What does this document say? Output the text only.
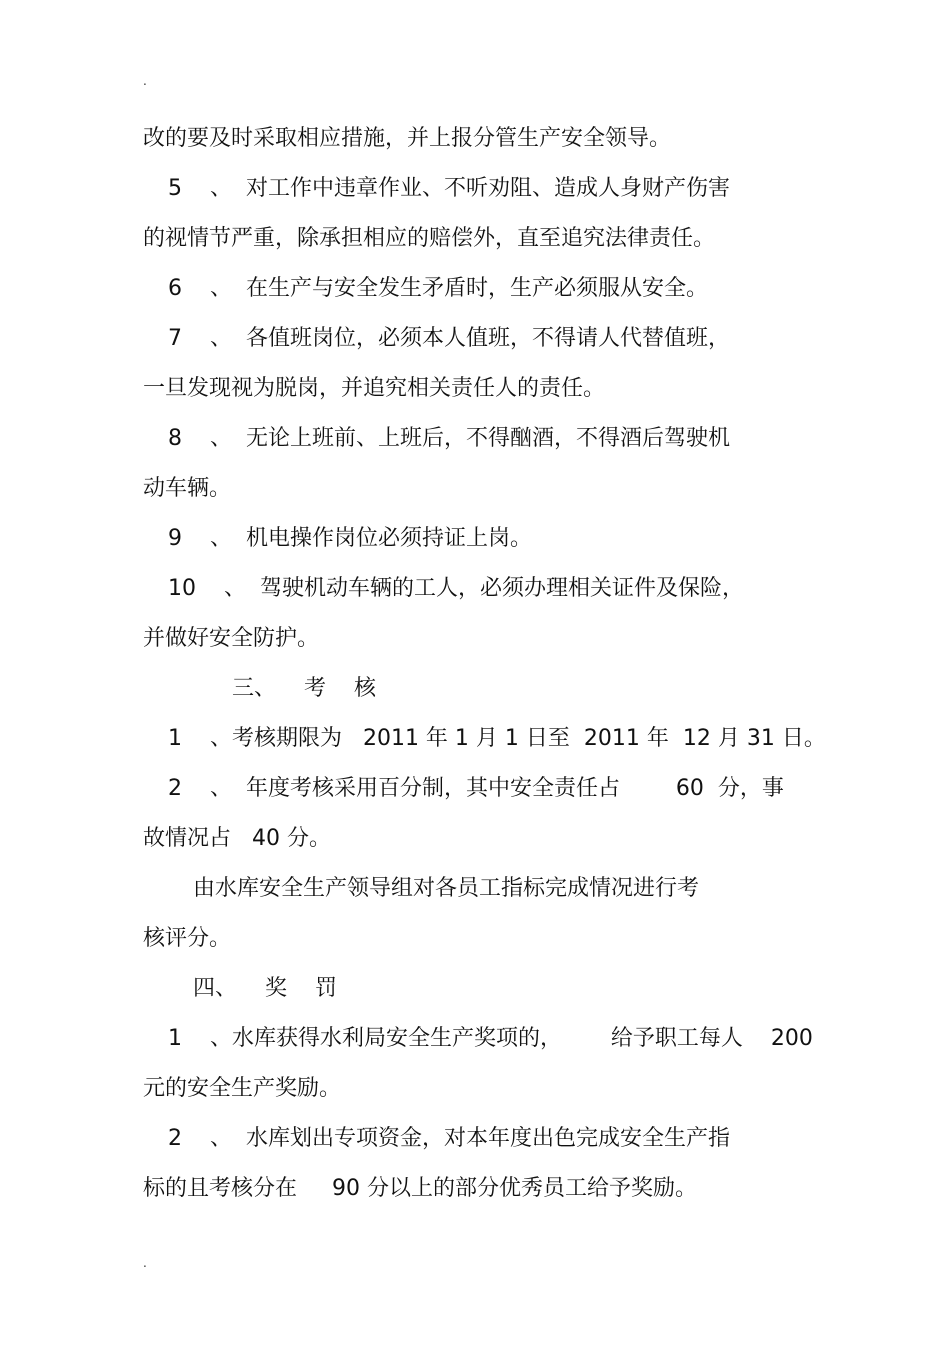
.

改的要及时采取相应措施，并上报分管生产安全领导。

5    、  对工作中违章作业、不听劝阻、造成人身财产伤害

的视情节严重，除承担相应的赔偿外，直至追究法律责任。

6    、  在生产与安全发生矛盾时，生产必须服从安全。

7    、  各值班岗位，必须本人值班，不得请人代替值班，

一旦发现视为脱岗，并追究相关责任人的责任。

8    、  无论上班前、上班后，不得酗酒，不得酒后驾驶机

动车辆。

9    、  机电操作岗位必须持证上岗。

10    、  驾驶机动车辆的工人，必须办理相关证件及保险，

并做好安全防护。

三、    考    核

1    、考核期限为   2011 年 1 月 1 日至  2011 年  12 月 31 日。

2    、  年度考核采用百分制，其中安全责任占        60  分，事

故情况占   40 分。

由水库安全生产领导组对各员工指标完成情况进行考

核评分。

四、    奖    罚

1    、水库获得水利局安全生产奖项的，       给予职工每人    200

元的安全生产奖励。

2    、  水库划出专项资金，对本年度出色完成安全生产指

标的且考核分在     90 分以上的部分优秀员工给予奖励。

.
